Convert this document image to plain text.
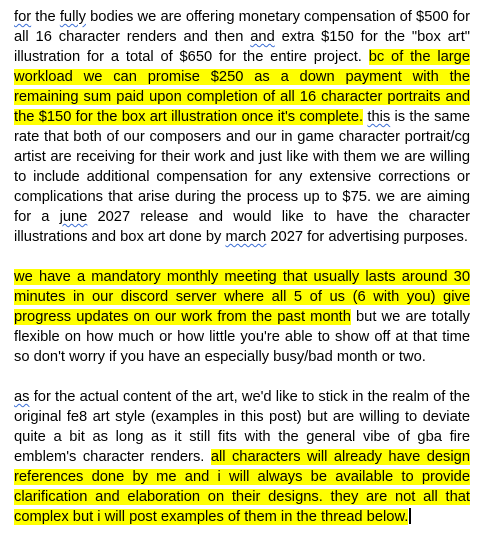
for the fully bodies we are offering monetary compensation of $500 for all 16 character renders and then and extra $150 for the "box art" illustration for a total of $650 for the entire project. bc of the large workload we can promise $250 as a down payment with the remaining sum paid upon completion of all 16 character portraits and the $150 for the box art illustration once it's complete. this is the same rate that both of our composers and our in game character portrait/cg artist are receiving for their work and just like with them we are willing to include additional compensation for any extensive corrections or complications that arise during the process up to $75. we are aiming for a june 2027 release and would like to have the character illustrations and box art done by march 2027 for advertising purposes.

we have a mandatory monthly meeting that usually lasts around 30 minutes in our discord server where all 5 of us (6 with you) give progress updates on our work from the past month but we are totally flexible on how much or how little you're able to show off at that time so don't worry if you have an especially busy/bad month or two.

as for the actual content of the art, we'd like to stick in the realm of the original fe8 art style (examples in this post) but are willing to deviate quite a bit as long as it still fits with the general vibe of gba fire emblem's character renders. all characters will already have design references done by me and i will always be available to provide clarification and elaboration on their designs. they are not all that complex but i will post examples of them in the thread below.
